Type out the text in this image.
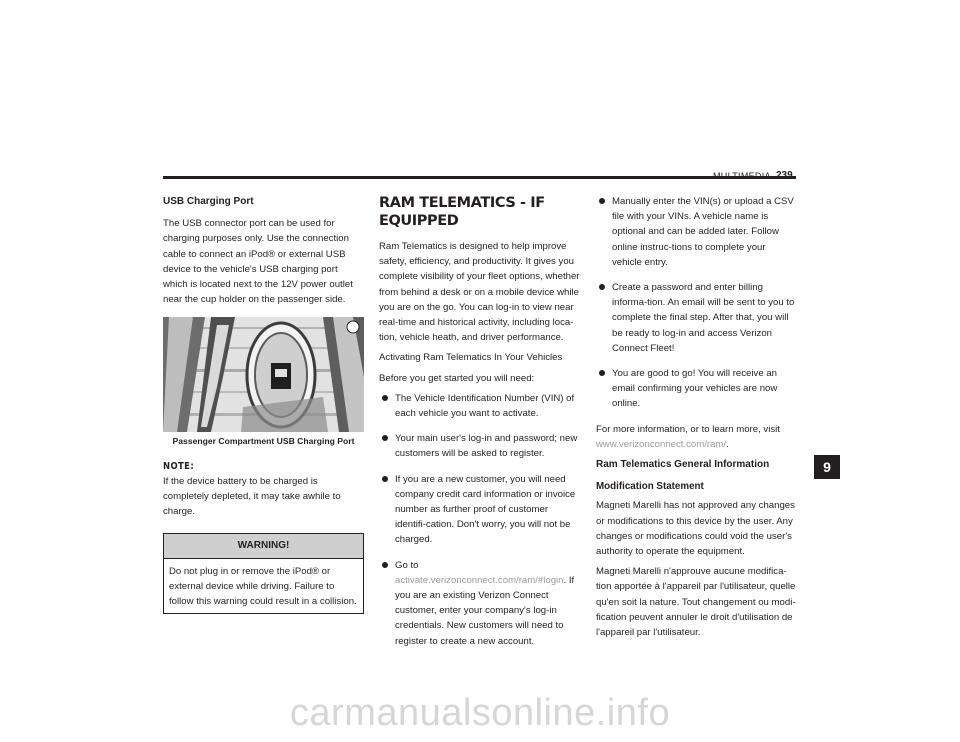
USB Charging Port

The USB connector port can be used for charging purposes only. Use the connection cable to connect an iPod® or external USB device to the vehicle's USB charging port which is located next to the 12V power outlet near the cup holder on the passenger side.

Passenger Compartment USB Charging Port
NOTE:

If the device battery to be charged is completely depleted, it may take awhile to charge.

WARNING!
Do not plug in or remove the iPod® or external device while driving. Failure to follow this warning could result in a collision.
RAM TELEMATICS - IF EQUIPPED

Ram Telematics is designed to help improve safety, efficiency, and productivity. It gives you complete visibility of your fleet options, whether from behind a desk or on a mobile device while you are on the go. You can log-in to view near real-time and historical activity, including loca-tion, vehicle heath, and driver performance.

Activating Ram Telematics In Your Vehicles

Before you get started you will need:

The Vehicle Identification Number (VIN) of each vehicle you want to activate.
Your main user's log-in and password; new customers will be asked to register.
If you are a new customer, you will need company credit card information or invoice number as further proof of customer identifi-cation. Don't worry, you will not be charged.
Go to activate.verizonconnect.com/ram/#login. If you are an existing Verizon Connect customer, enter your company's log-in credentials. New customers will need to register to create a new account.
Manually enter the VIN(s) or upload a CSV file with your VINs. A vehicle name is optional and can be added later. Follow online instruc-tions to complete your vehicle entry.
Create a password and enter billing informa-tion. An email will be sent to you to complete the final step. After that, you will be ready to log-in and access Verizon Connect Fleet!
You are good to go! You will receive an email confirming your vehicles are now online.

For more information, or to learn more, visit
www.verizonconnect.com/ram/.

Ram Telematics General Information
Modification Statement

Magneti Marelli has not approved any changes or modifications to this device by the user. Any changes or modifications could void the user's authority to operate the equipment.

Magneti Marelli n'approuve aucune modifica-tion apportée à l'appareil par l'utilisateur, quelle qu'en soit la nature. Tout changement ou modi-fication peuvent annuler le droit d'utilisation de l'appareil par l'utilisateur.

9
carmanualsonline.info
